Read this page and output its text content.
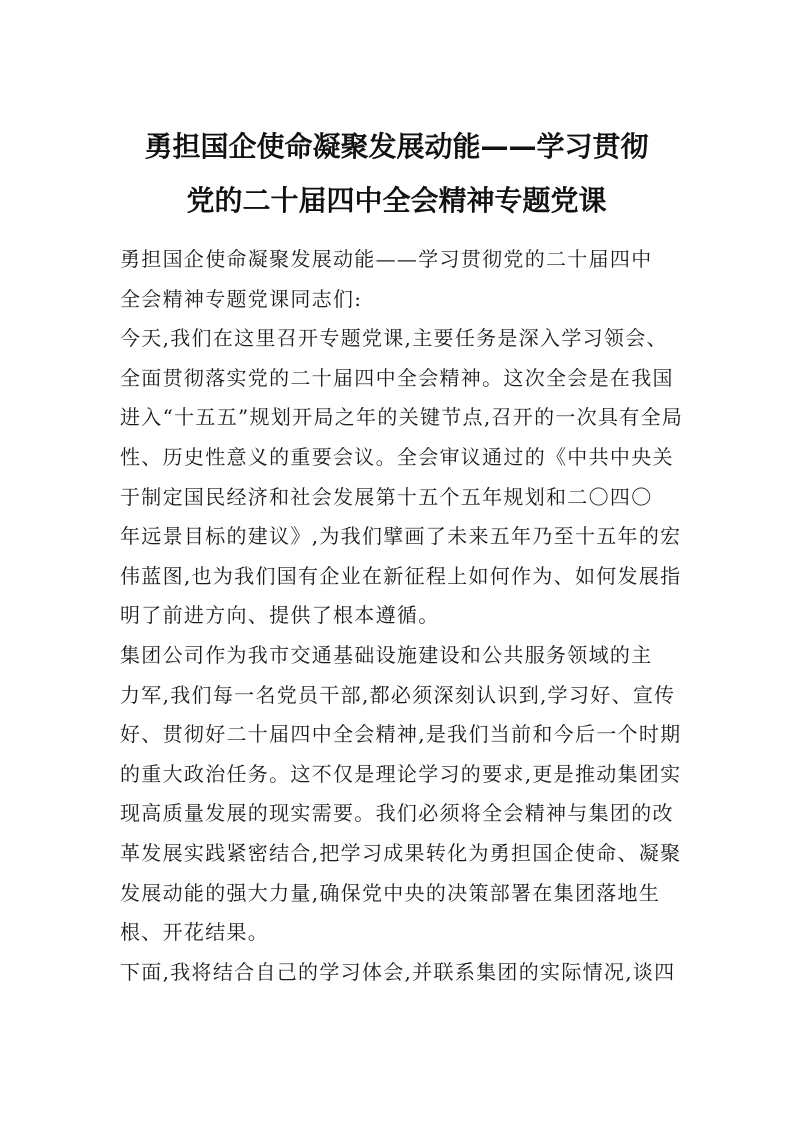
勇担国企使命凝聚发展动能——学习贯彻
党的二十届四中全会精神专题党课
勇担国企使命凝聚发展动能——学习贯彻党的二十届四中
全会精神专题党课同志们:
今天,我们在这里召开专题党课,主要任务是深入学习领会、
全面贯彻落实党的二十届四中全会精神。这次全会是在我国
进入“十五五”规划开局之年的关键节点,召开的一次具有全局
性、历史性意义的重要会议。全会审议通过的《中共中央关
于制定国民经济和社会发展第十五个五年规划和二〇四〇
年远景目标的建议》,为我们擘画了未来五年乃至十五年的宏
伟蓝图,也为我们国有企业在新征程上如何作为、如何发展指
明了前进方向、提供了根本遵循。
集团公司作为我市交通基础设施建设和公共服务领域的主
力军,我们每一名党员干部,都必须深刻认识到,学习好、宣传
好、贯彻好二十届四中全会精神,是我们当前和今后一个时期
的重大政治任务。这不仅是理论学习的要求,更是推动集团实
现高质量发展的现实需要。我们必须将全会精神与集团的改
革发展实践紧密结合,把学习成果转化为勇担国企使命、凝聚
发展动能的强大力量,确保党中央的决策部署在集团落地生
根、开花结果。
下面,我将结合自己的学习体会,并联系集团的实际情况,谈四
